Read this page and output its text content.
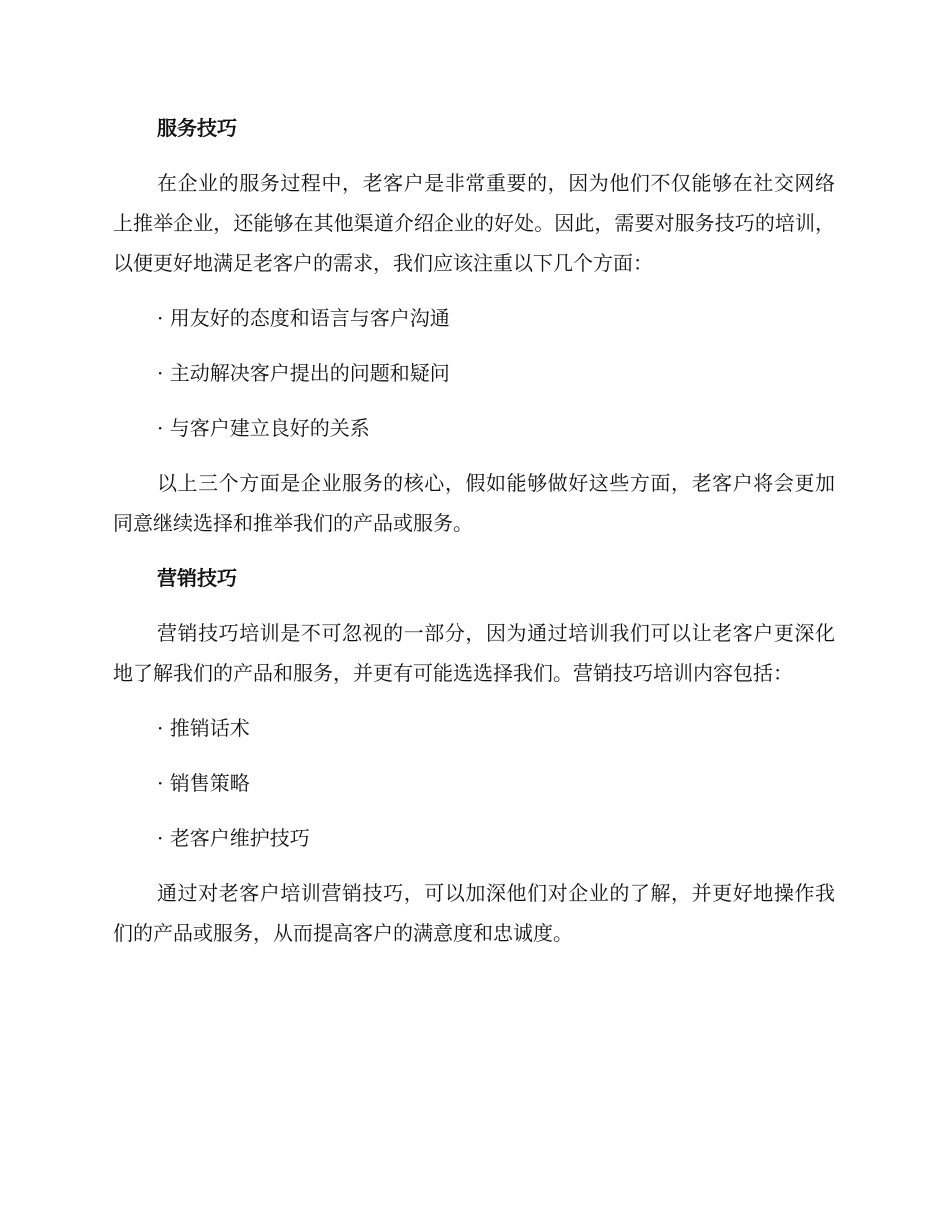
服务技巧

在企业的服务过程中，老客户是非常重要的，因为他们不仅能够在社交网络上推举企业，还能够在其他渠道介绍企业的好处。因此，需要对服务技巧的培训，以便更好地满足老客户的需求，我们应该注重以下几个方面：

· 用友好的态度和语言与客户沟通
· 主动解决客户提出的问题和疑问
· 与客户建立良好的关系

以上三个方面是企业服务的核心，假如能够做好这些方面，老客户将会更加同意继续选择和推举我们的产品或服务。

营销技巧

营销技巧培训是不可忽视的一部分，因为通过培训我们可以让老客户更深化地了解我们的产品和服务，并更有可能选选择我们。营销技巧培训内容包括：

· 推销话术
· 销售策略
· 老客户维护技巧

通过对老客户培训营销技巧，可以加深他们对企业的了解，并更好地操作我们的产品或服务，从而提高客户的满意度和忠诚度。
